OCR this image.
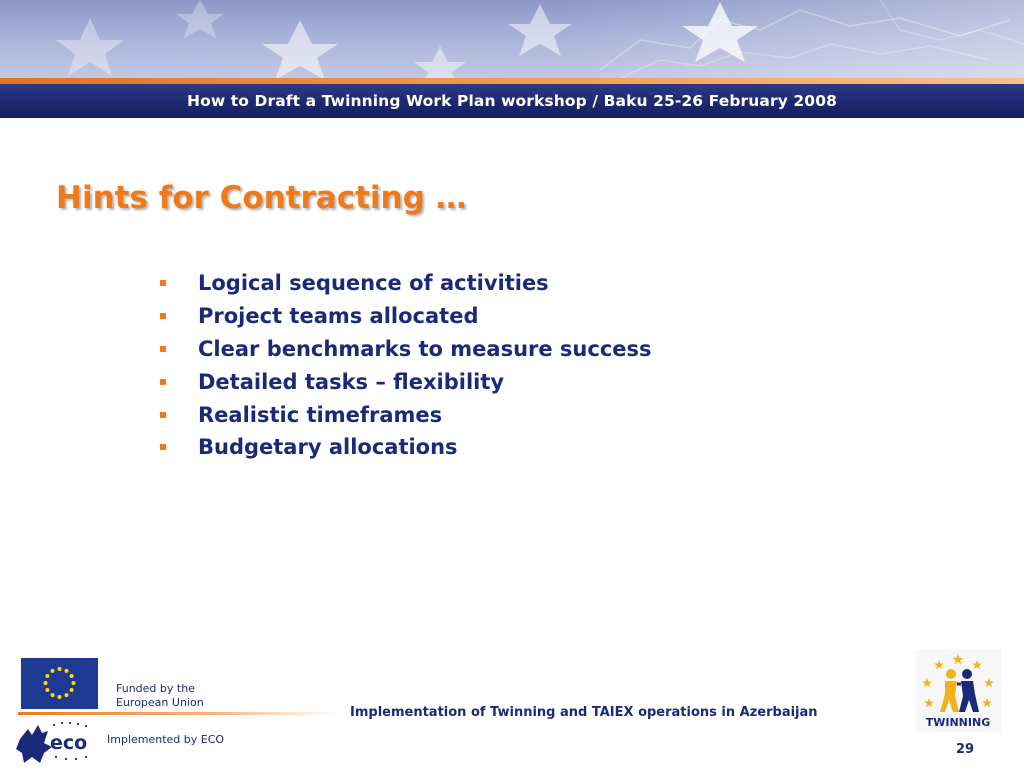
How to Draft a Twinning Work Plan workshop / Baku 25-26 February 2008
Hints for Contracting …
Logical sequence of activities
Project teams allocated
Clear benchmarks to measure success
Detailed tasks – flexibility
Realistic timeframes
Budgetary allocations
Funded by the
European Union
Implementation of Twinning and TAIEX operations in Azerbaijan
eco Implemented by ECO
TWINNING
29
